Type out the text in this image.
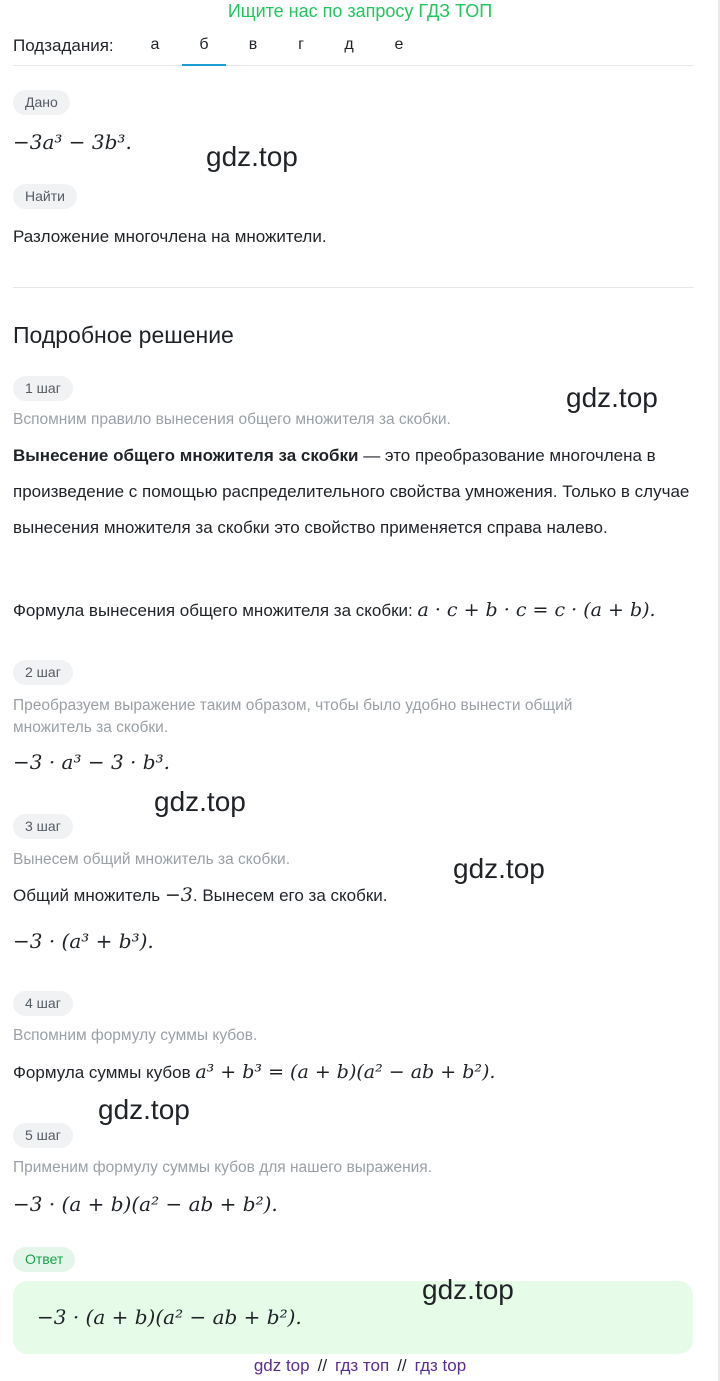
Ищите нас по запросу ГДЗ ТОП
Подзадания:	а	б	в	г	д	е
Дано
−3a³ − 3b³.
Найти
Разложение многочлена на множители.
Подробное решение
1 шаг
Вспомним правило вынесения общего множителя за скобки.
Вынесение общего множителя за скобки — это преобразование многочлена в произведение с помощью распределительного свойства умножения. Только в случае вынесения множителя за скобки это свойство применяется справа налево.
Формула вынесения общего множителя за скобки: a · c + b · c = c · (a + b).
2 шаг
Преобразуем выражение таким образом, чтобы было удобно вынести общий множитель за скобки.
−3 · a³ − 3 · b³.
3 шаг
Вынесем общий множитель за скобки.
Общий множитель −3. Вынесем его за скобки.
−3 · (a³ + b³).
4 шаг
Вспомним формулу суммы кубов.
Формула суммы кубов a³ + b³ = (a + b)(a² − ab + b²).
5 шаг
Применим формулу суммы кубов для нашего выражения.
−3 · (a + b)(a² − ab + b²).
Ответ
−3 · (a + b)(a² − ab + b²).
gdz.top
gdz.top
gdz.top
gdz.top
gdz.top
gdz.top
gdz top // гдз топ // гдз top
